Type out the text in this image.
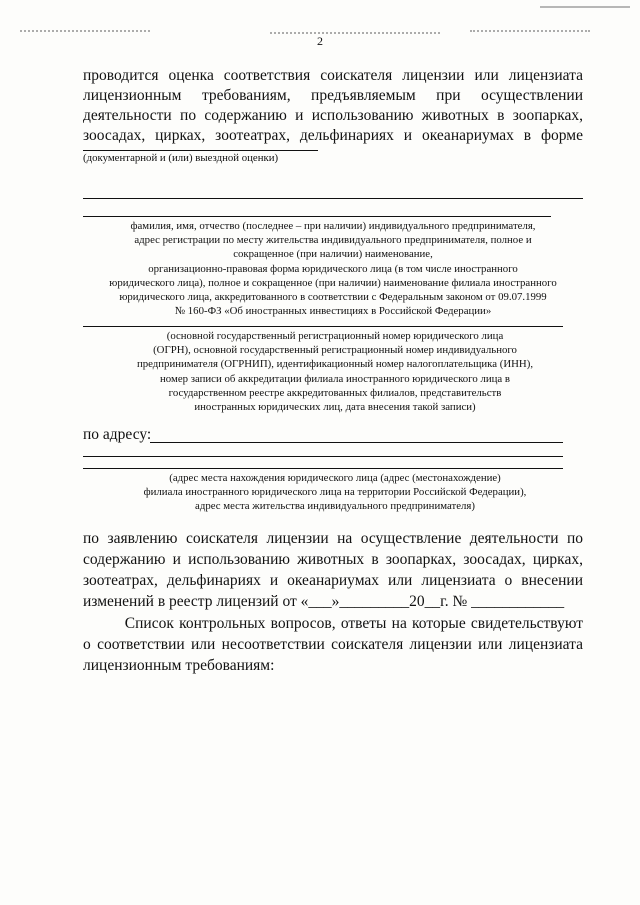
2
проводится оценка соответствия соискателя лицензии или лицензиата
лицензионным требованиям, предъявляемым при осуществлении
деятельности по содержанию и использованию животных в зоопарках,
зоосадах, цирках, зоотеатрах, дельфинариях и океанариумах в форме
(документарной и (или) выездной оценки)
фамилия, имя, отчество (последнее – при наличии) индивидуального предпринимателя,
адрес регистрации по месту жительства индивидуального предпринимателя, полное и
сокращенное (при наличии) наименование,
организационно-правовая форма юридического лица (в том числе иностранного
юридического лица), полное и сокращенное (при наличии) наименование филиала иностранного
юридического лица, аккредитованного в соответствии с Федеральным законом от 09.07.1999
№ 160-ФЗ «Об иностранных инвестициях в Российской Федерации»
(основной государственный регистрационный номер юридического лица
(ОГРН), основной государственный регистрационный номер индивидуального
предпринимателя (ОГРНИП), идентификационный номер налогоплательщика (ИНН),
номер записи об аккредитации филиала иностранного юридического лица в
государственном реестре аккредитованных филиалов, представительств
иностранных юридических лиц, дата внесения такой записи)
по адресу:
(адрес места нахождения юридического лица (адрес (местонахождение)
филиала иностранного юридического лица на территории Российской Федерации),
адрес места жительства индивидуального предпринимателя)
по заявлению соискателя лицензии на осуществление деятельности по
содержанию и использованию животных в зоопарках, зоосадах, цирках,
зоотеатрах, дельфинариях и океанариумах или лицензиата о внесении
изменений в реестр лицензий от «___»_________20__г. № ____________
Список контрольных вопросов, ответы на которые свидетельствуют
о соответствии или несоответствии соискателя лицензии или лицензиата
лицензионным требованиям:
